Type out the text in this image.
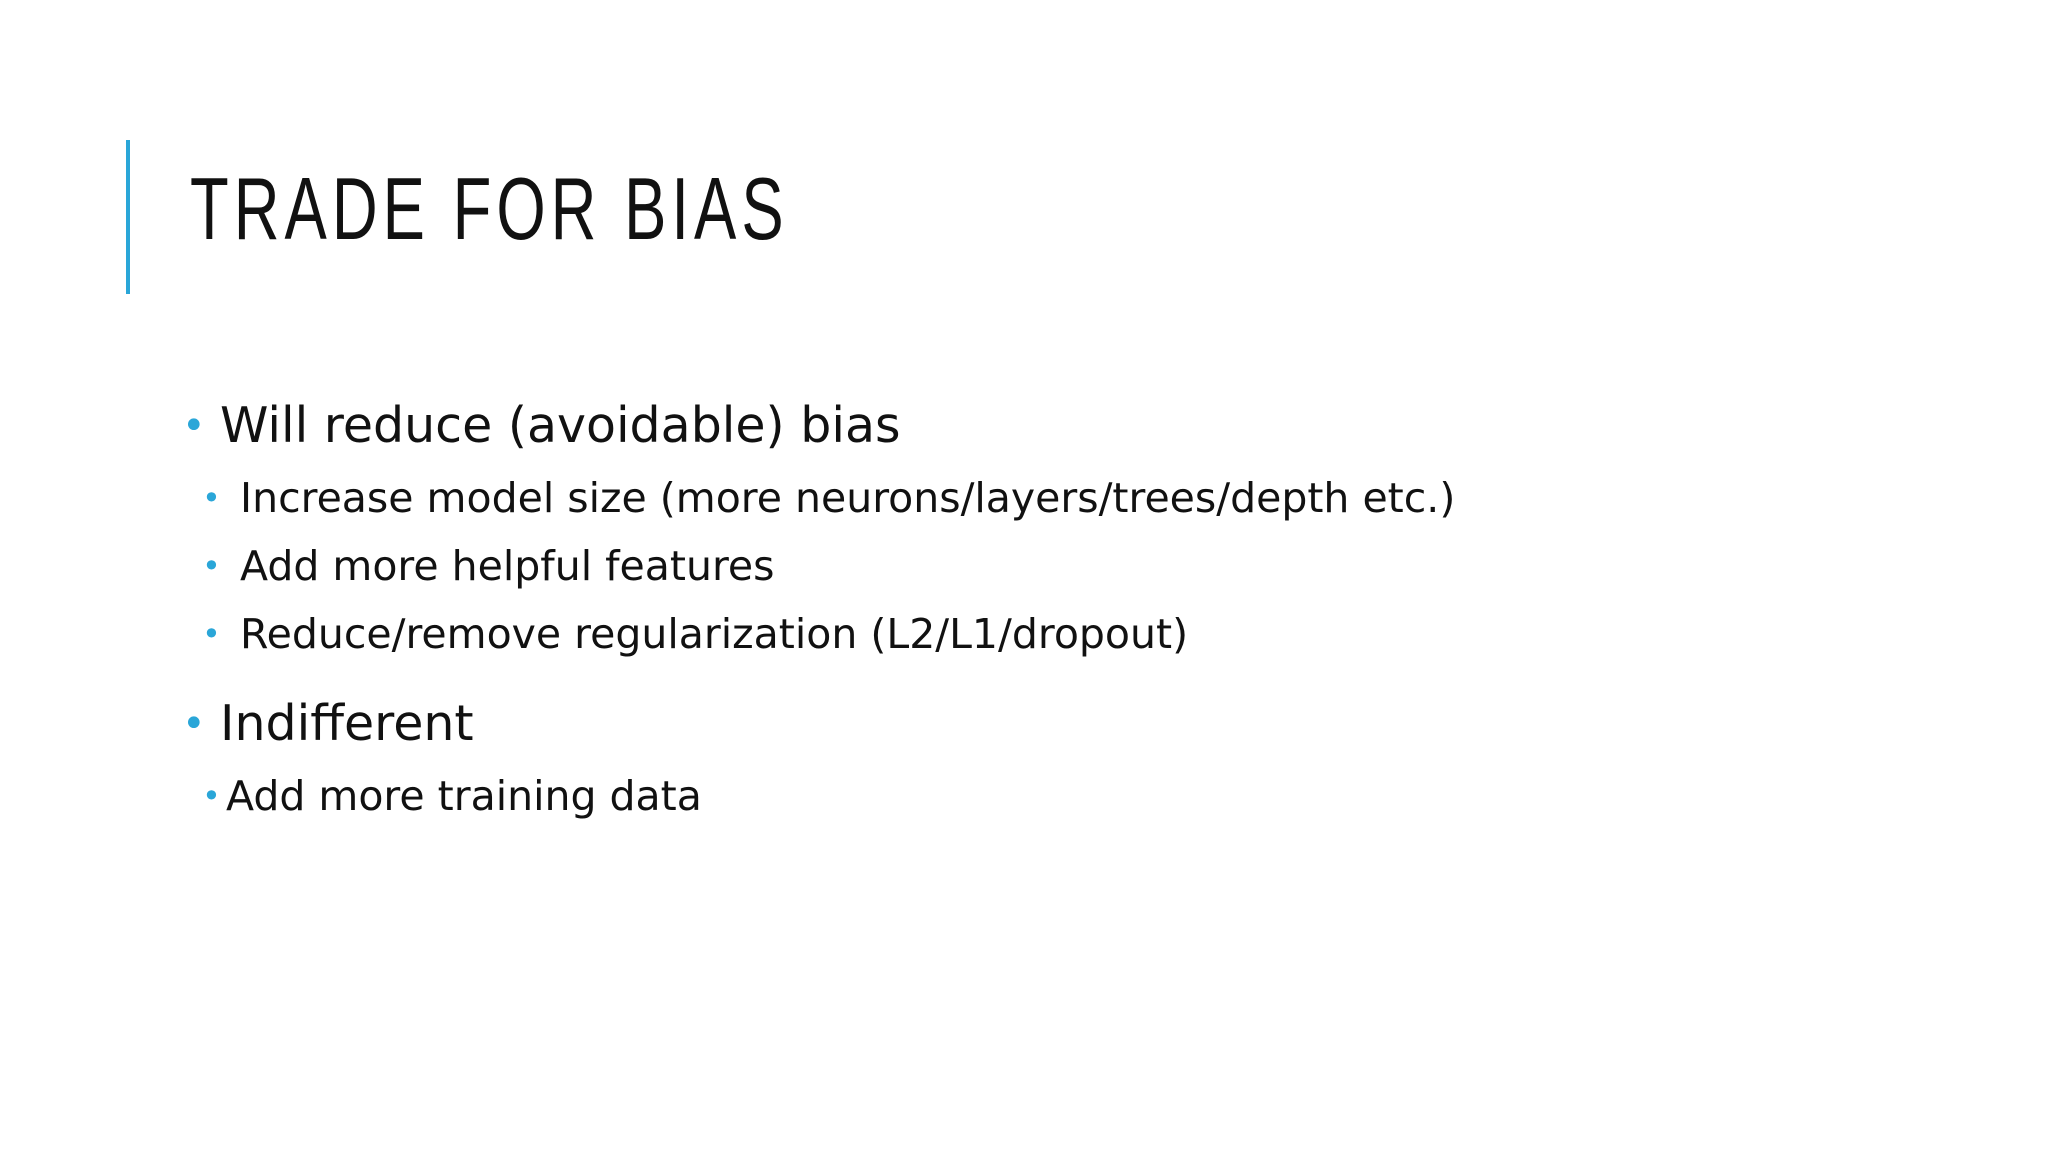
TRADE FOR BIAS
• Will reduce (avoidable) bias
• Increase model size (more neurons/layers/trees/depth etc.)
• Add more helpful features
• Reduce/remove regularization (L2/L1/dropout)
• Indifferent
• Add more training data
